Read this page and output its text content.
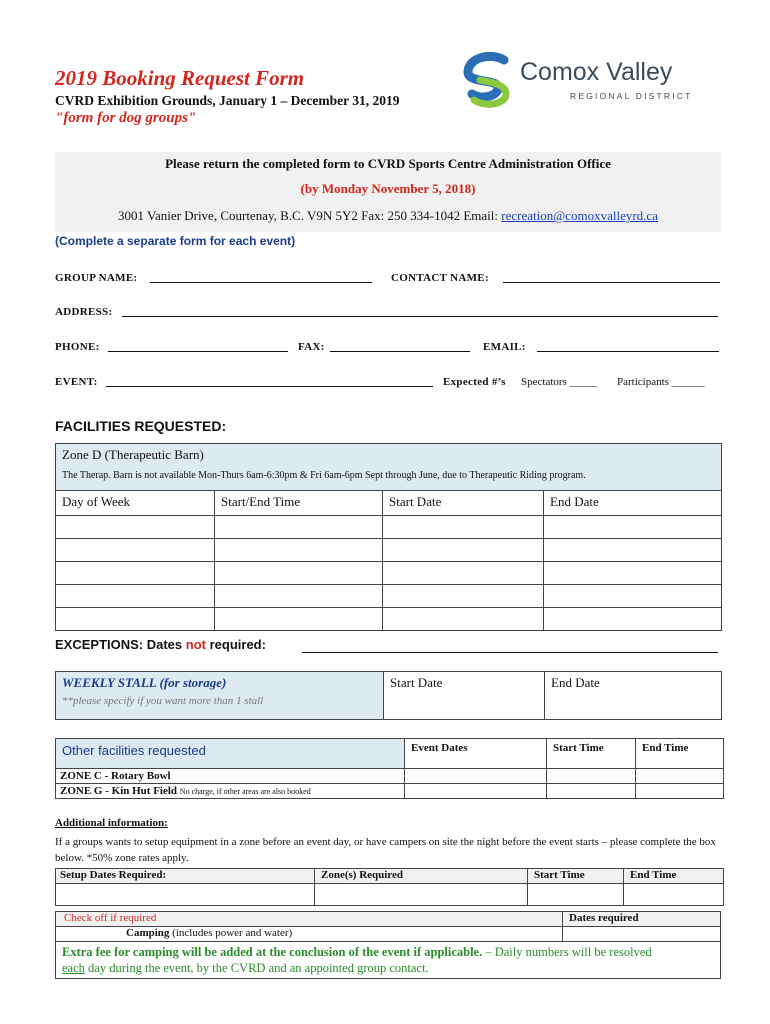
2019 Booking Request Form
CVRD Exhibition Grounds, January 1 – December 31, 2019
"form for dog groups"
Comox Valley
REGIONAL DISTRICT
Please return the completed form to CVRD Sports Centre Administration Office
(by Monday November 5, 2018)
3001 Vanier Drive, Courtenay, B.C. V9N 5Y2 Fax: 250 334-1042 Email: recreation@comoxvalleyrd.ca
(Complete a separate form for each event)
GROUP NAME:	CONTACT NAME:
ADDRESS:
PHONE:	FAX:	EMAIL:
EVENT:	Expected #’s Spectators _____ Participants ______
FACILITIES REQUESTED:
Zone D (Therapeutic Barn)
The Therap. Barn is not available Mon-Thurs 6am-6:30pm & Fri 6am-6pm Sept through June, due to Therapeutic Riding program.			

Day of Week	Start/End Time	Start Date	End Date

EXCEPTIONS: Dates not required:
WEEKLY STALL (for storage)
**please specify if you want more than 1 stall
	Start Date	End Date
Other facilities requested	Event Dates	Start Time	End Time
ZONE C - Rotary Bowl			
ZONE G - Kin Hut Field No charge, if other areas are also booked			
Additional information:
If a groups wants to setup equipment in a zone before an event day, or have campers on site the night before the event starts – please complete the box below. *50% zone rates apply.
Setup Dates Required:	Zone(s) Required	Start Time	End Time

Check off if required	Dates required
Camping (includes power and water)	
Extra fee for camping will be added at the conclusion of the event if applicable. – Daily numbers will be resolved
each day during the event, by the CVRD and an appointed group contact.	
